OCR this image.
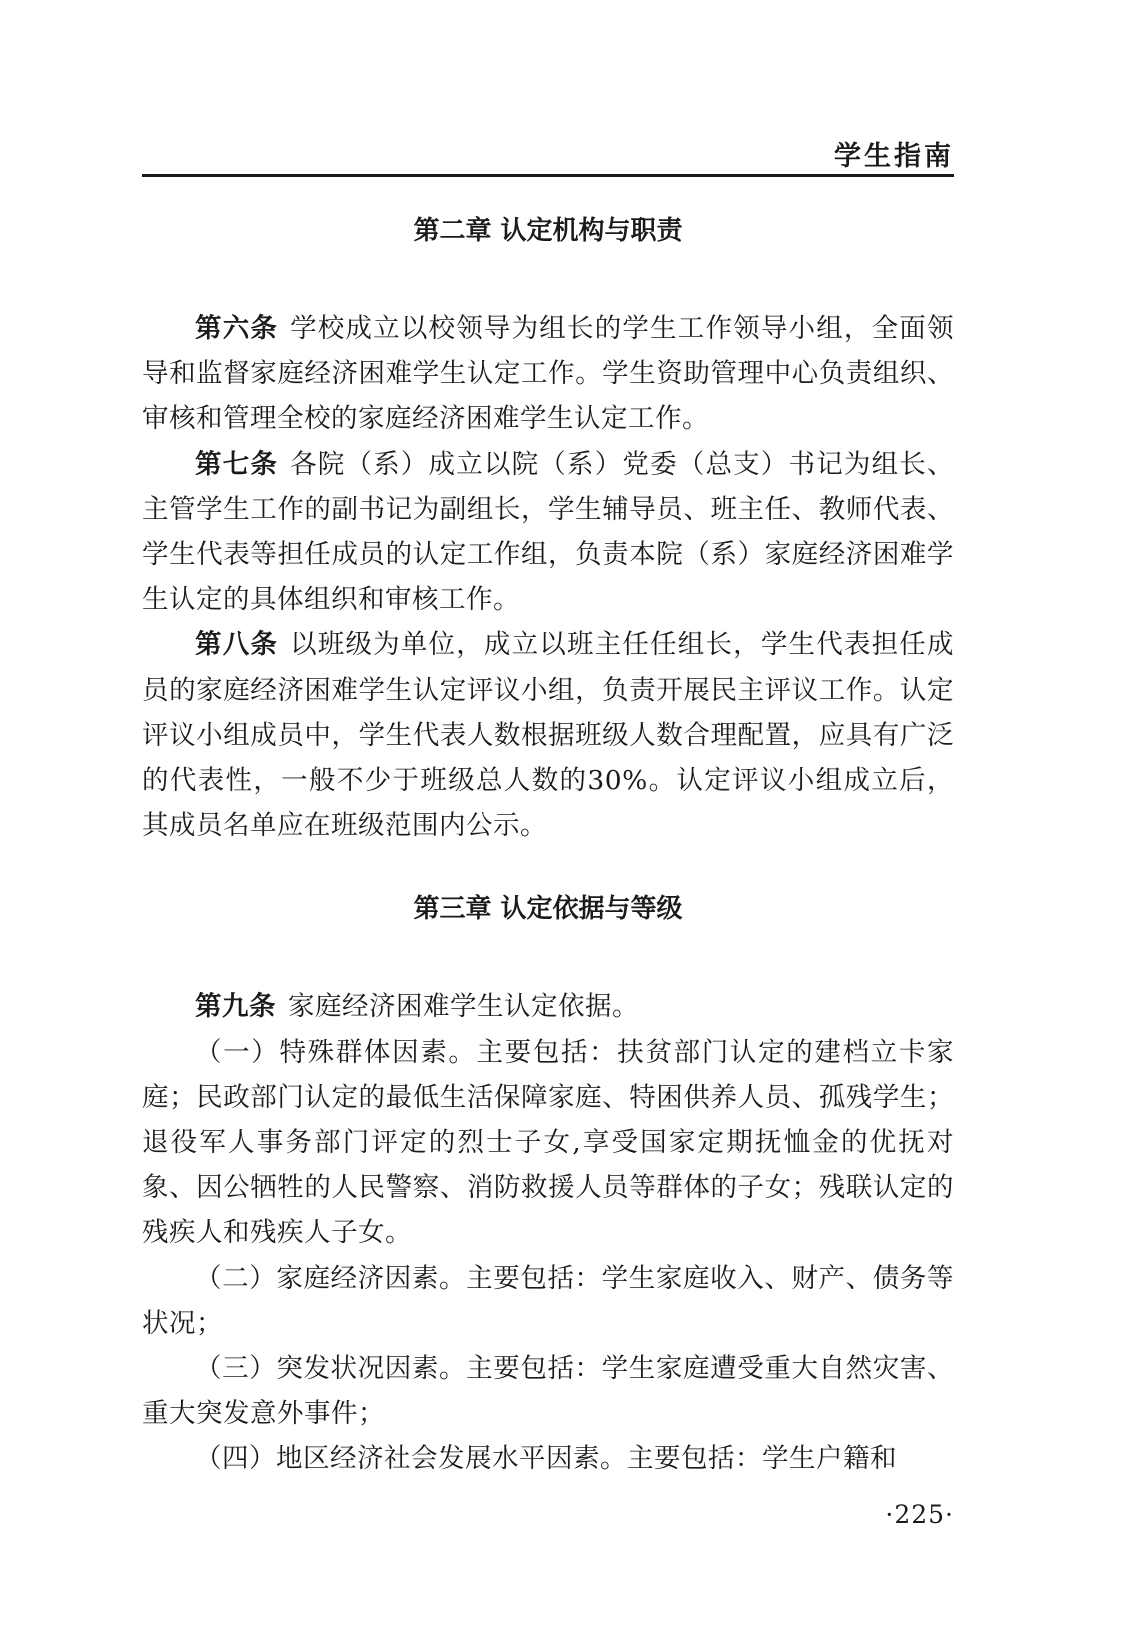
学生指南
第二章 认定机构与职责

第六条 学校成立以校领导为组长的学生工作领导小组，全面领导和监督家庭经济困难学生认定工作。学生资助管理中心负责组织、审核和管理全校的家庭经济困难学生认定工作。

第七条 各院（系）成立以院（系）党委（总支）书记为组长、主管学生工作的副书记为副组长，学生辅导员、班主任、教师代表、学生代表等担任成员的认定工作组，负责本院（系）家庭经济困难学生认定的具体组织和审核工作。

第八条 以班级为单位，成立以班主任任组长，学生代表担任成员的家庭经济困难学生认定评议小组，负责开展民主评议工作。认定评议小组成员中，学生代表人数根据班级人数合理配置，应具有广泛的代表性，一般不少于班级总人数的30%。认定评议小组成立后，其成员名单应在班级范围内公示。

第三章 认定依据与等级

第九条 家庭经济困难学生认定依据。

（一）特殊群体因素。主要包括：扶贫部门认定的建档立卡家庭；民政部门认定的最低生活保障家庭、特困供养人员、孤残学生；退役军人事务部门评定的烈士子女,享受国家定期抚恤金的优抚对象、因公牺牲的人民警察、消防救援人员等群体的子女；残联认定的残疾人和残疾人子女。

（二）家庭经济因素。主要包括：学生家庭收入、财产、债务等状况；

（三）突发状况因素。主要包括：学生家庭遭受重大自然灾害、重大突发意外事件；

（四）地区经济社会发展水平因素。主要包括：学生户籍和

·225·
